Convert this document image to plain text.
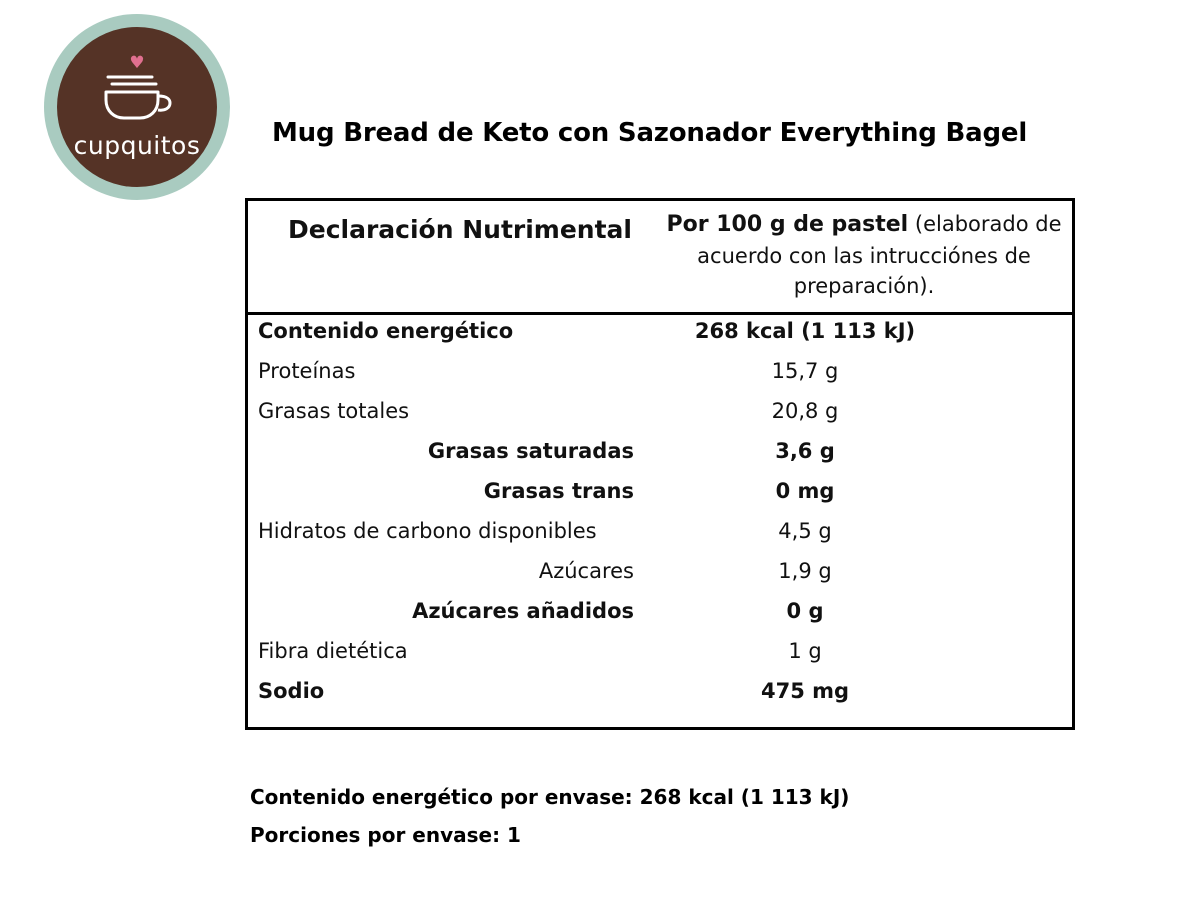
♥
cupquitos	Mug Bread de Keto con Sazonador Everything Bagel
Declaración Nutrimental	Por 100 g de pastel (elaborado de acuerdo con las intrucciónes de preparación).
Contenido energético	268 kcal (1 113 kJ)
Proteínas	15,7 g
Grasas totales	20,8 g
Grasas saturadas	3,6 g
Grasas trans	0 mg
Hidratos de carbono disponibles	4,5 g
Azúcares	1,9 g
Azúcares añadidos	0 g
Fibra dietética	1 g
Sodio	475 mg
Contenido energético por envase: 268 kcal (1 113 kJ)
Porciones por envase: 1
